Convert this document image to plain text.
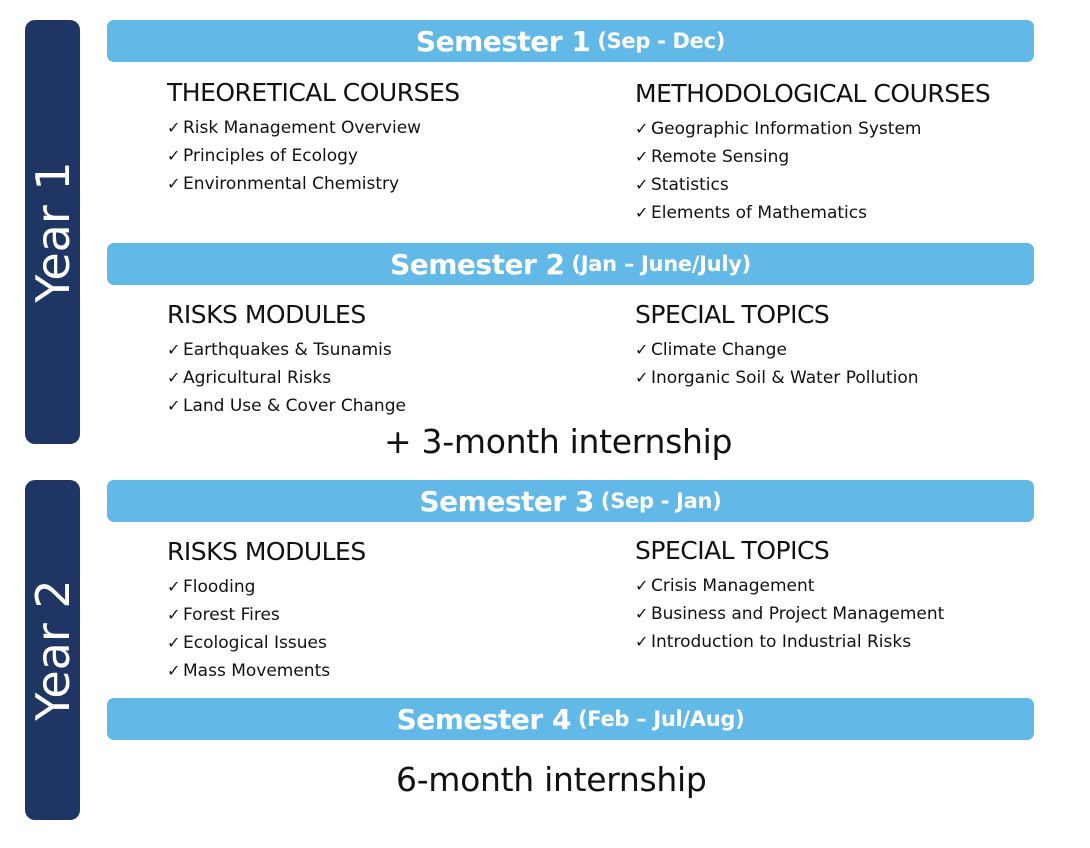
Year 1
Year 2
Semester 1 (Sep - Dec)
THEORETICAL COURSES
✓ Risk Management Overview
✓ Principles of Ecology
✓ Environmental Chemistry
METHODOLOGICAL COURSES
✓ Geographic Information System
✓ Remote Sensing
✓ Statistics
✓ Elements of Mathematics
Semester 2 (Jan – June/July)
RISKS MODULES
✓ Earthquakes & Tsunamis
✓ Agricultural Risks
✓ Land Use & Cover Change
SPECIAL TOPICS
✓ Climate Change
✓ Inorganic Soil & Water Pollution
+ 3-month internship
Semester 3 (Sep - Jan)
RISKS MODULES
✓ Flooding
✓ Forest Fires
✓ Ecological Issues
✓ Mass Movements
SPECIAL TOPICS
✓ Crisis Management
✓ Business and Project Management
✓ Introduction to Industrial Risks
Semester 4 (Feb – Jul/Aug)
6-month internship
